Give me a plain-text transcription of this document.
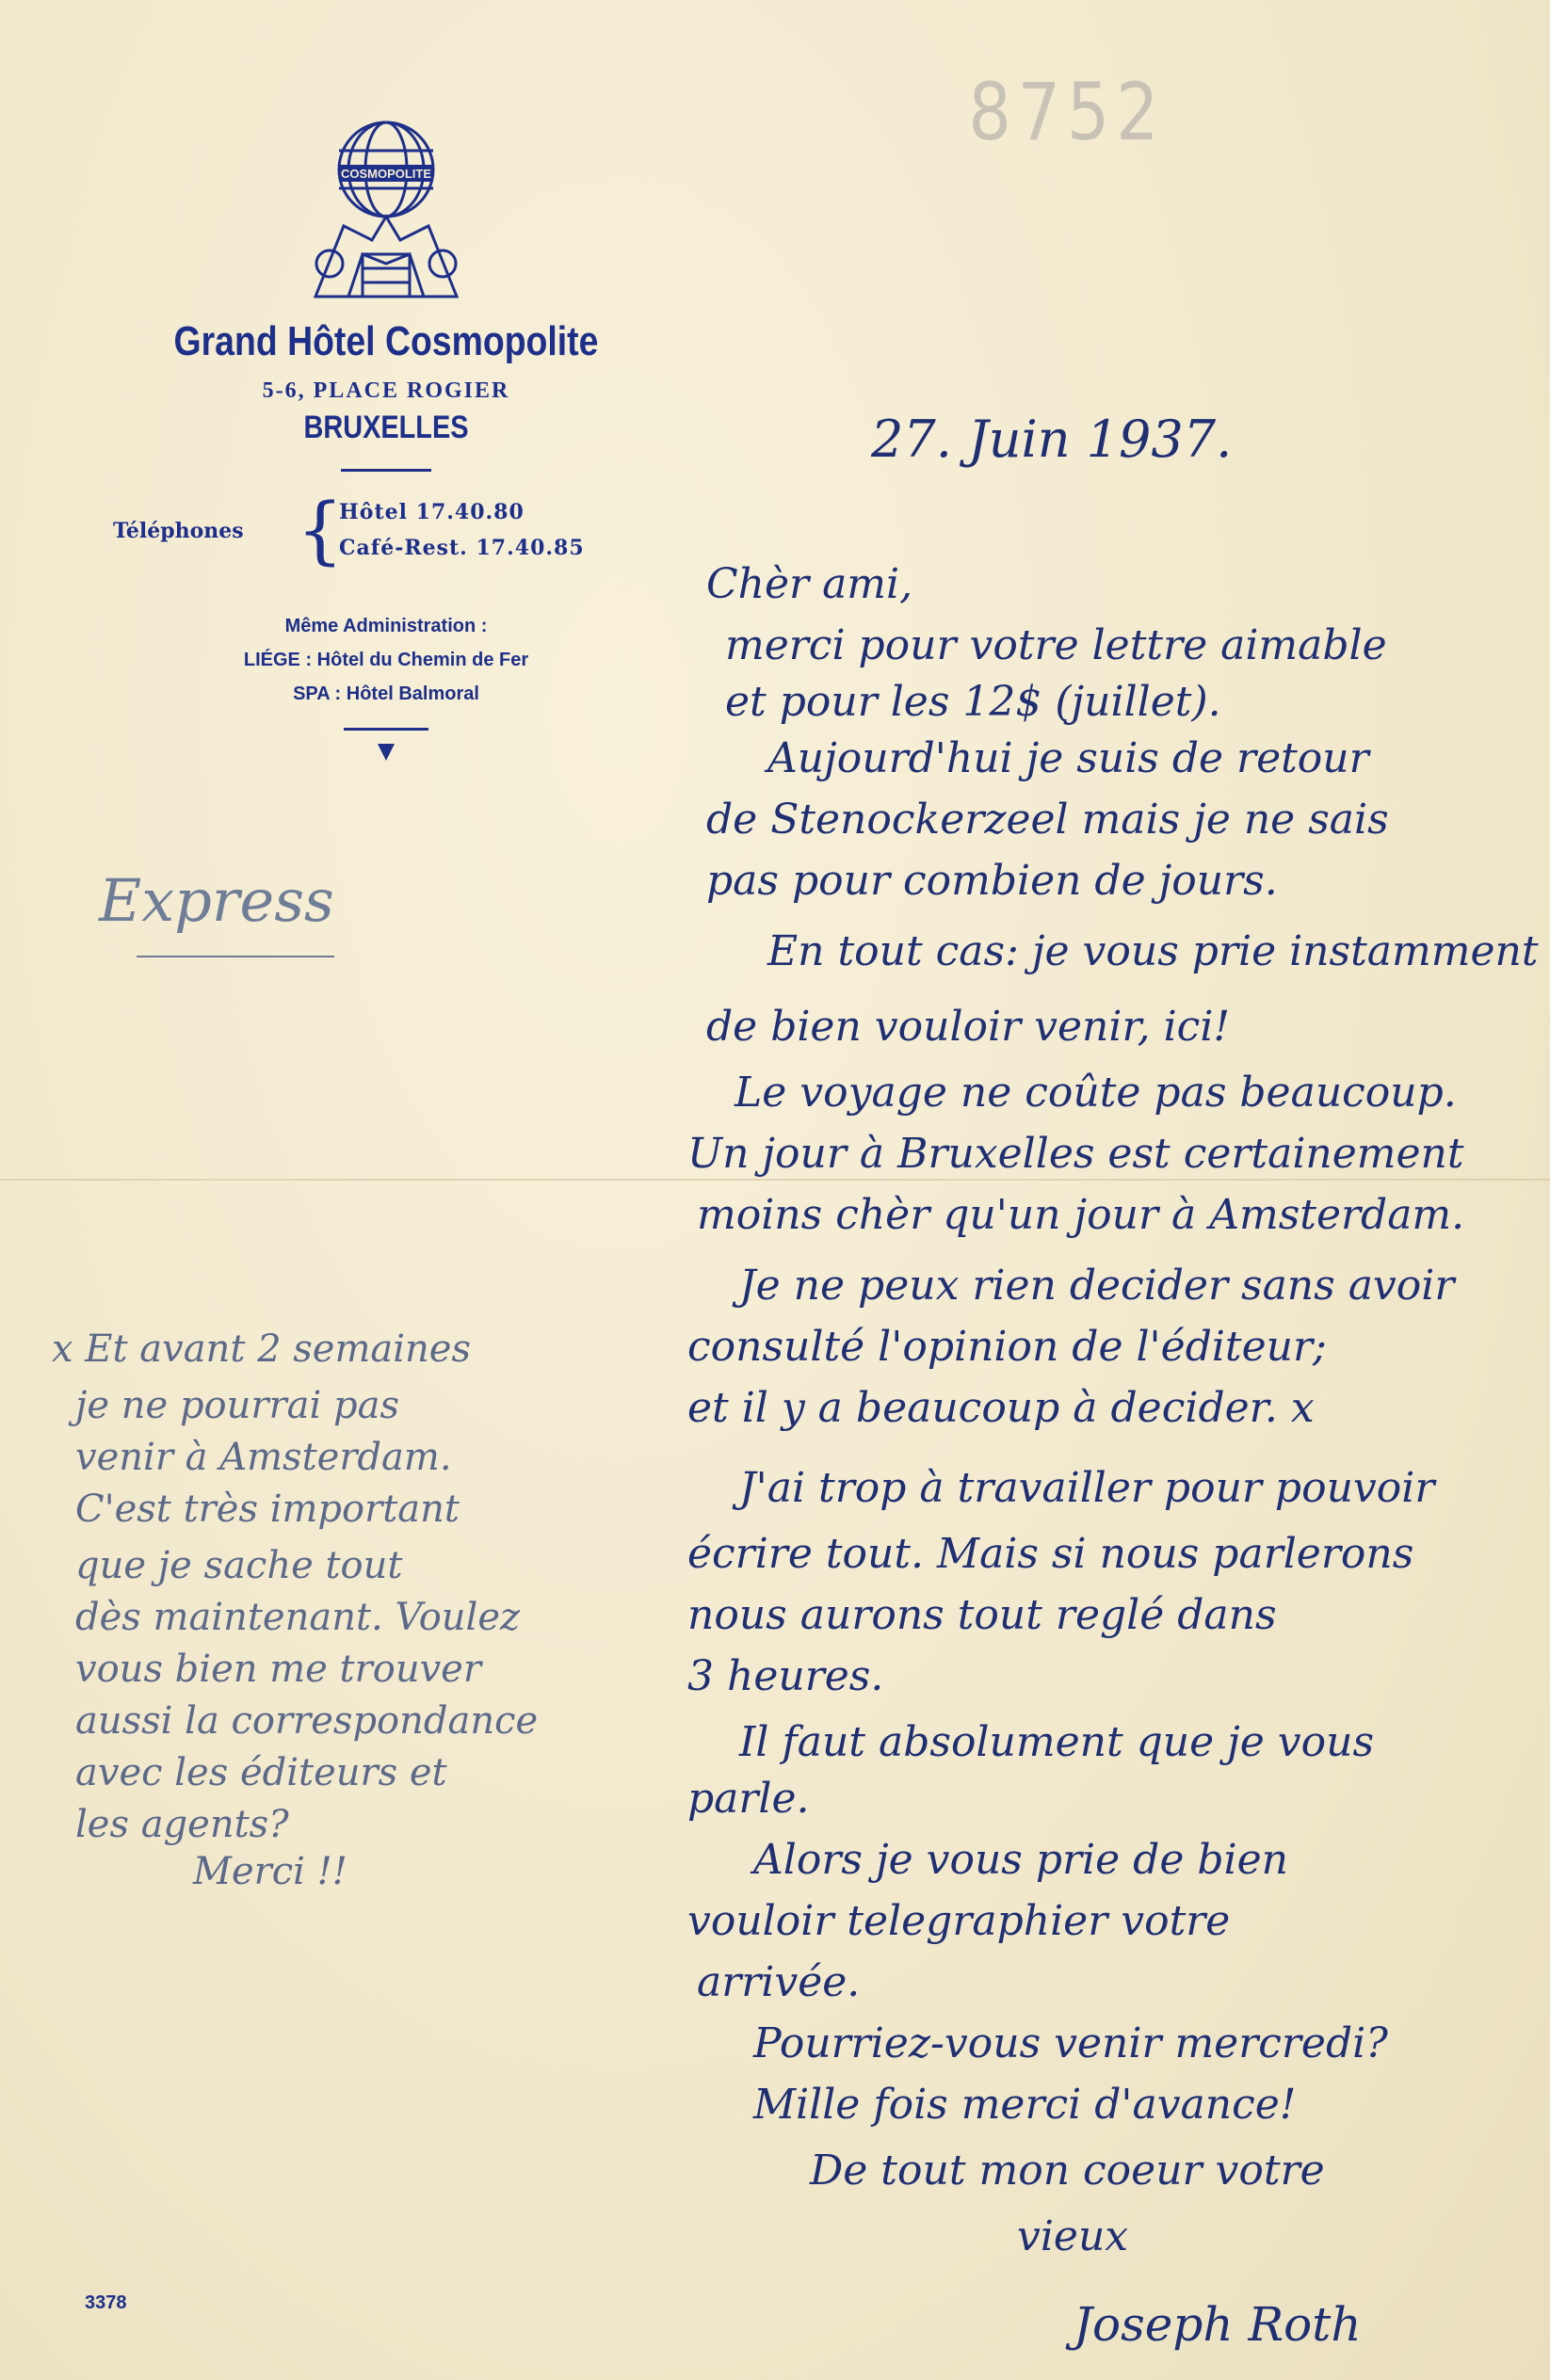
8752
COSMOPOLITE
Grand Hôtel Cosmopolite
5-6, PLACE ROGIER
BRUXELLES
Téléphones {
Hôtel 17.40.80
Café-Rest. 17.40.85
Même Administration :
LIÉGE : Hôtel du Chemin de Fer
SPA : Hôtel Balmoral
Express
27. Juin 1937.
Chèr ami,
merci pour votre lettre aimable
et pour les 12$ (juillet).
Aujourd'hui je suis de retour
de Stenockerzeel mais je ne sais
pas pour combien de jours.
En tout cas: je vous prie instamment
de bien vouloir venir, ici!
Le voyage ne coûte pas beaucoup.
Un jour à Bruxelles est certainement
moins chèr qu'un jour à Amsterdam.
Je ne peux rien decider sans avoir
consulté l'opinion de l'éditeur;
et il y a beaucoup à decider. x
J'ai trop à travailler pour pouvoir
écrire tout. Mais si nous parlerons
nous aurons tout reglé dans
3 heures.
Il faut absolument que je vous
parle.
Alors je vous prie de bien
vouloir telegraphier votre
arrivée.
Pourriez-vous venir mercredi?
Mille fois merci d'avance!
De tout mon coeur votre
vieux
Joseph Roth
x Et avant 2 semaines
je ne pourrai pas
venir à Amsterdam.
C'est très important
que je sache tout
dès maintenant. Voulez
vous bien me trouver
aussi la correspondance
avec les éditeurs et
les agents?
Merci !!
3378
